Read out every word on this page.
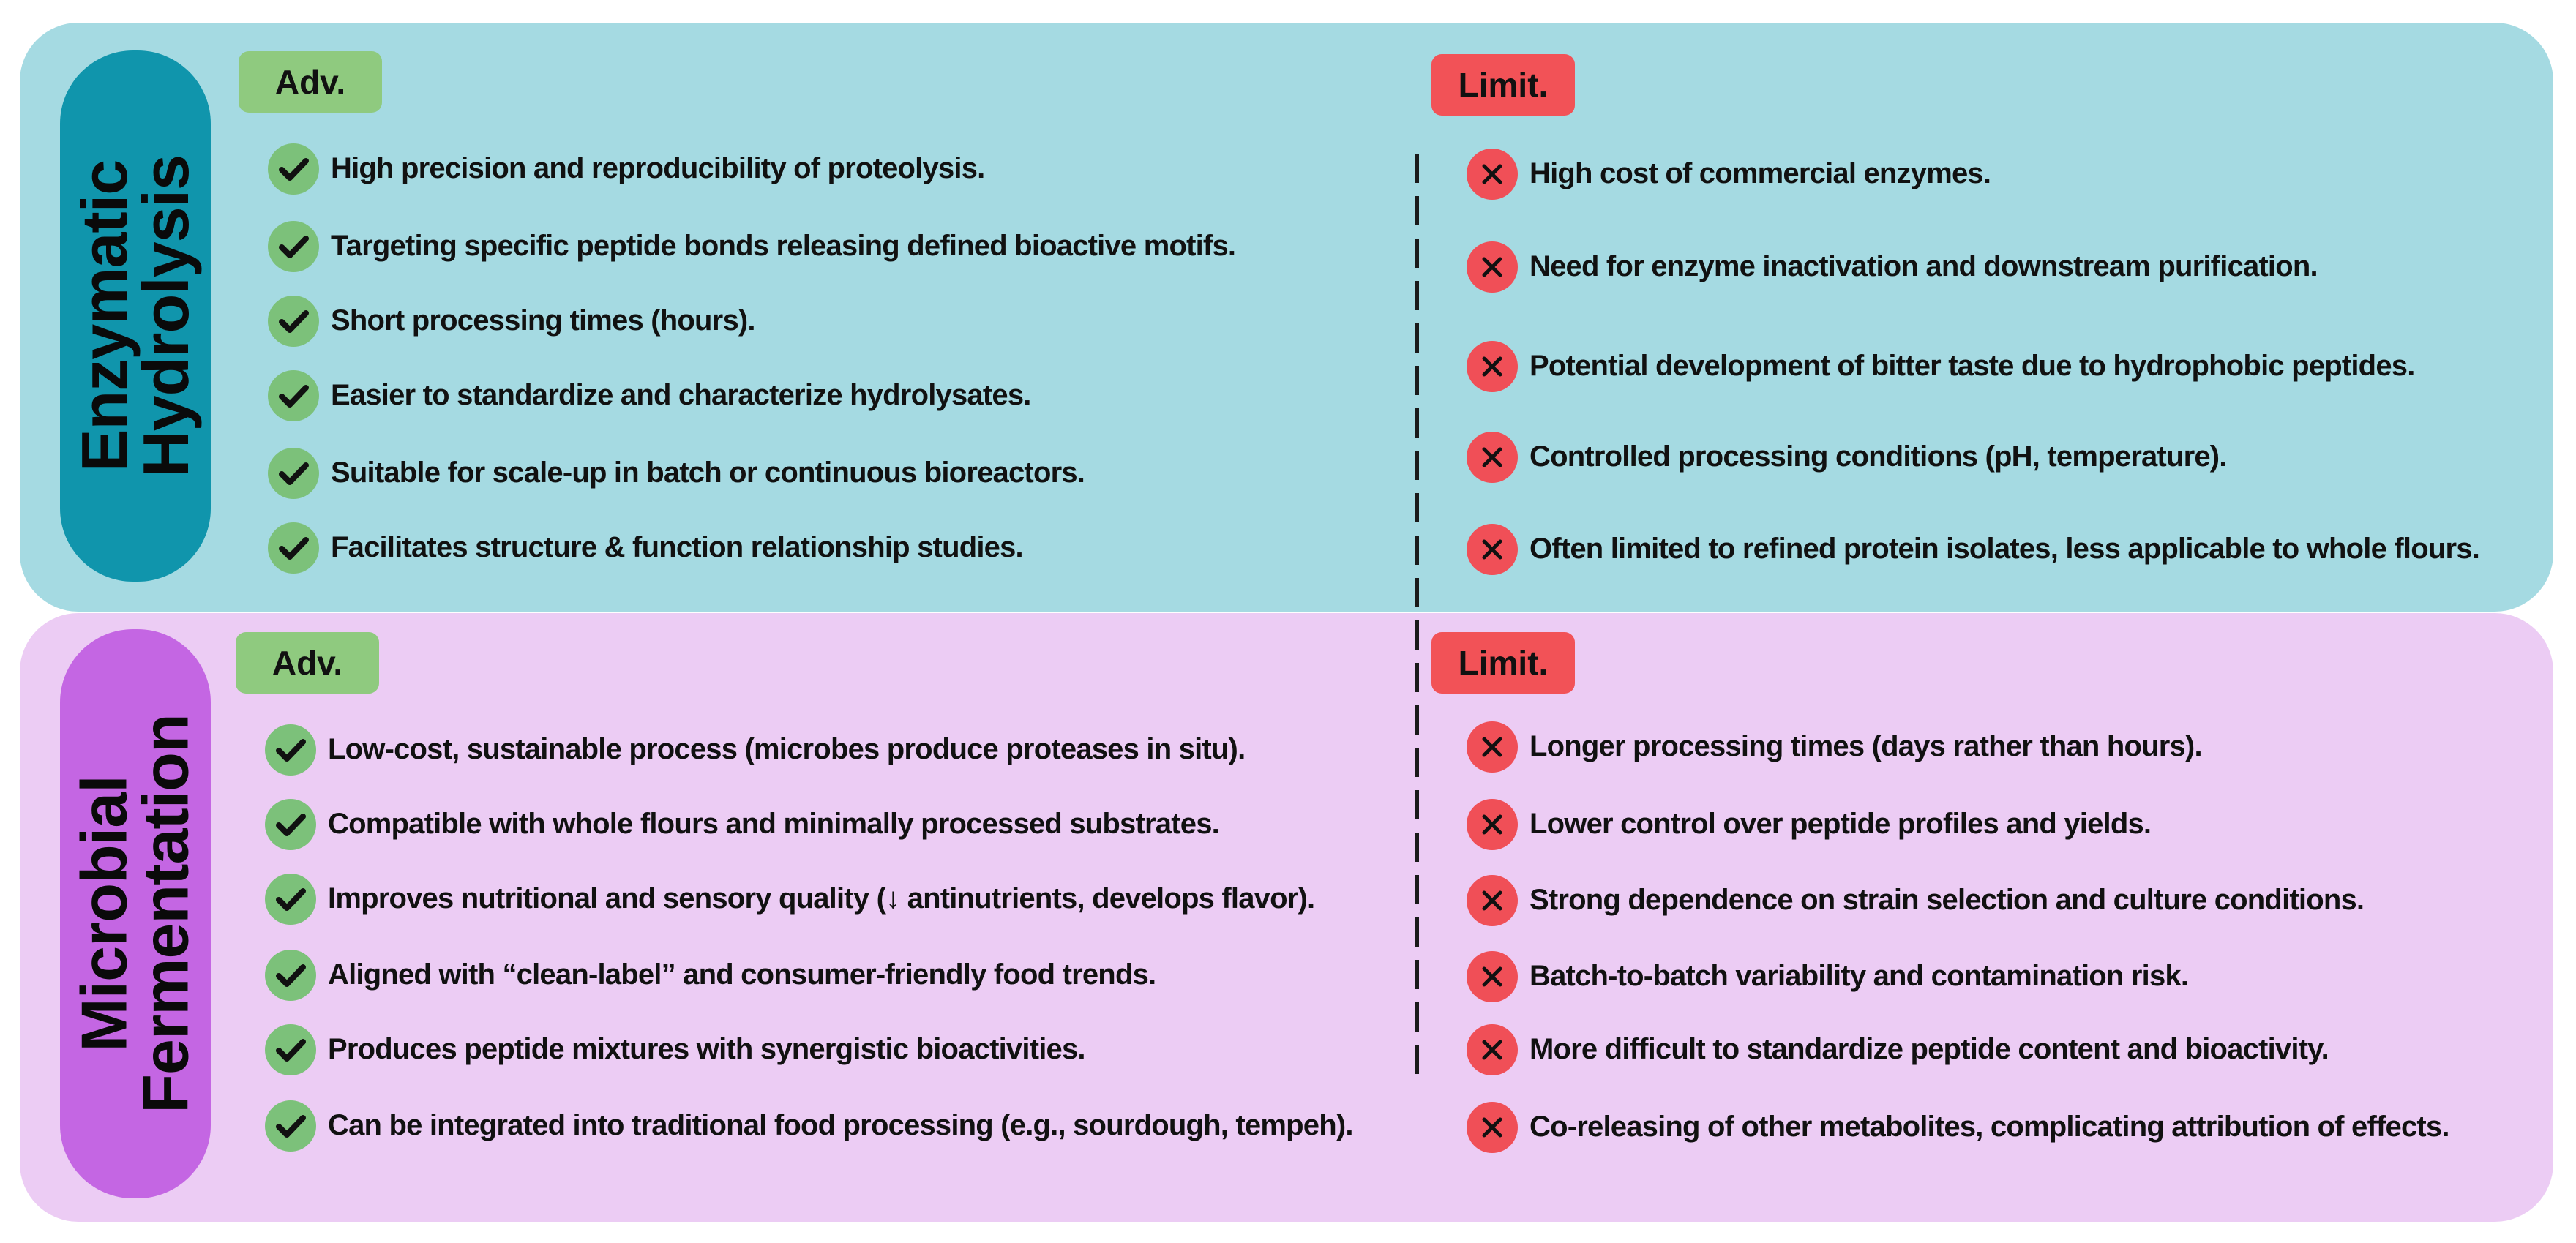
Enzymatic
Hydrolysis
Adv.	Limit.
Microbial
Fermentation
Adv.	Limit.
High precision and reproducibility of proteolysis.
Targeting specific peptide bonds releasing defined bioactive motifs.
Short processing times (hours).
Easier to standardize and characterize hydrolysates.
Suitable for scale-up in batch or continuous bioreactors.
Facilitates structure & function relationship studies.
High cost of commercial enzymes.
Need for enzyme inactivation and downstream purification.
Potential development of bitter taste due to hydrophobic peptides.
Controlled processing conditions (pH, temperature).
Often limited to refined protein isolates, less applicable to whole flours.
Low-cost, sustainable process (microbes produce proteases in situ).
Compatible with whole flours and minimally processed substrates.
Improves nutritional and sensory quality (↓ antinutrients, develops flavor).
Aligned with “clean-label” and consumer-friendly food trends.
Produces peptide mixtures with synergistic bioactivities.
Can be integrated into traditional food processing (e.g., sourdough, tempeh).
Longer processing times (days rather than hours).
Lower control over peptide profiles and yields.
Strong dependence on strain selection and culture conditions.
Batch-to-batch variability and contamination risk.
More difficult to standardize peptide content and bioactivity.
Co-releasing of other metabolites, complicating attribution of effects.
